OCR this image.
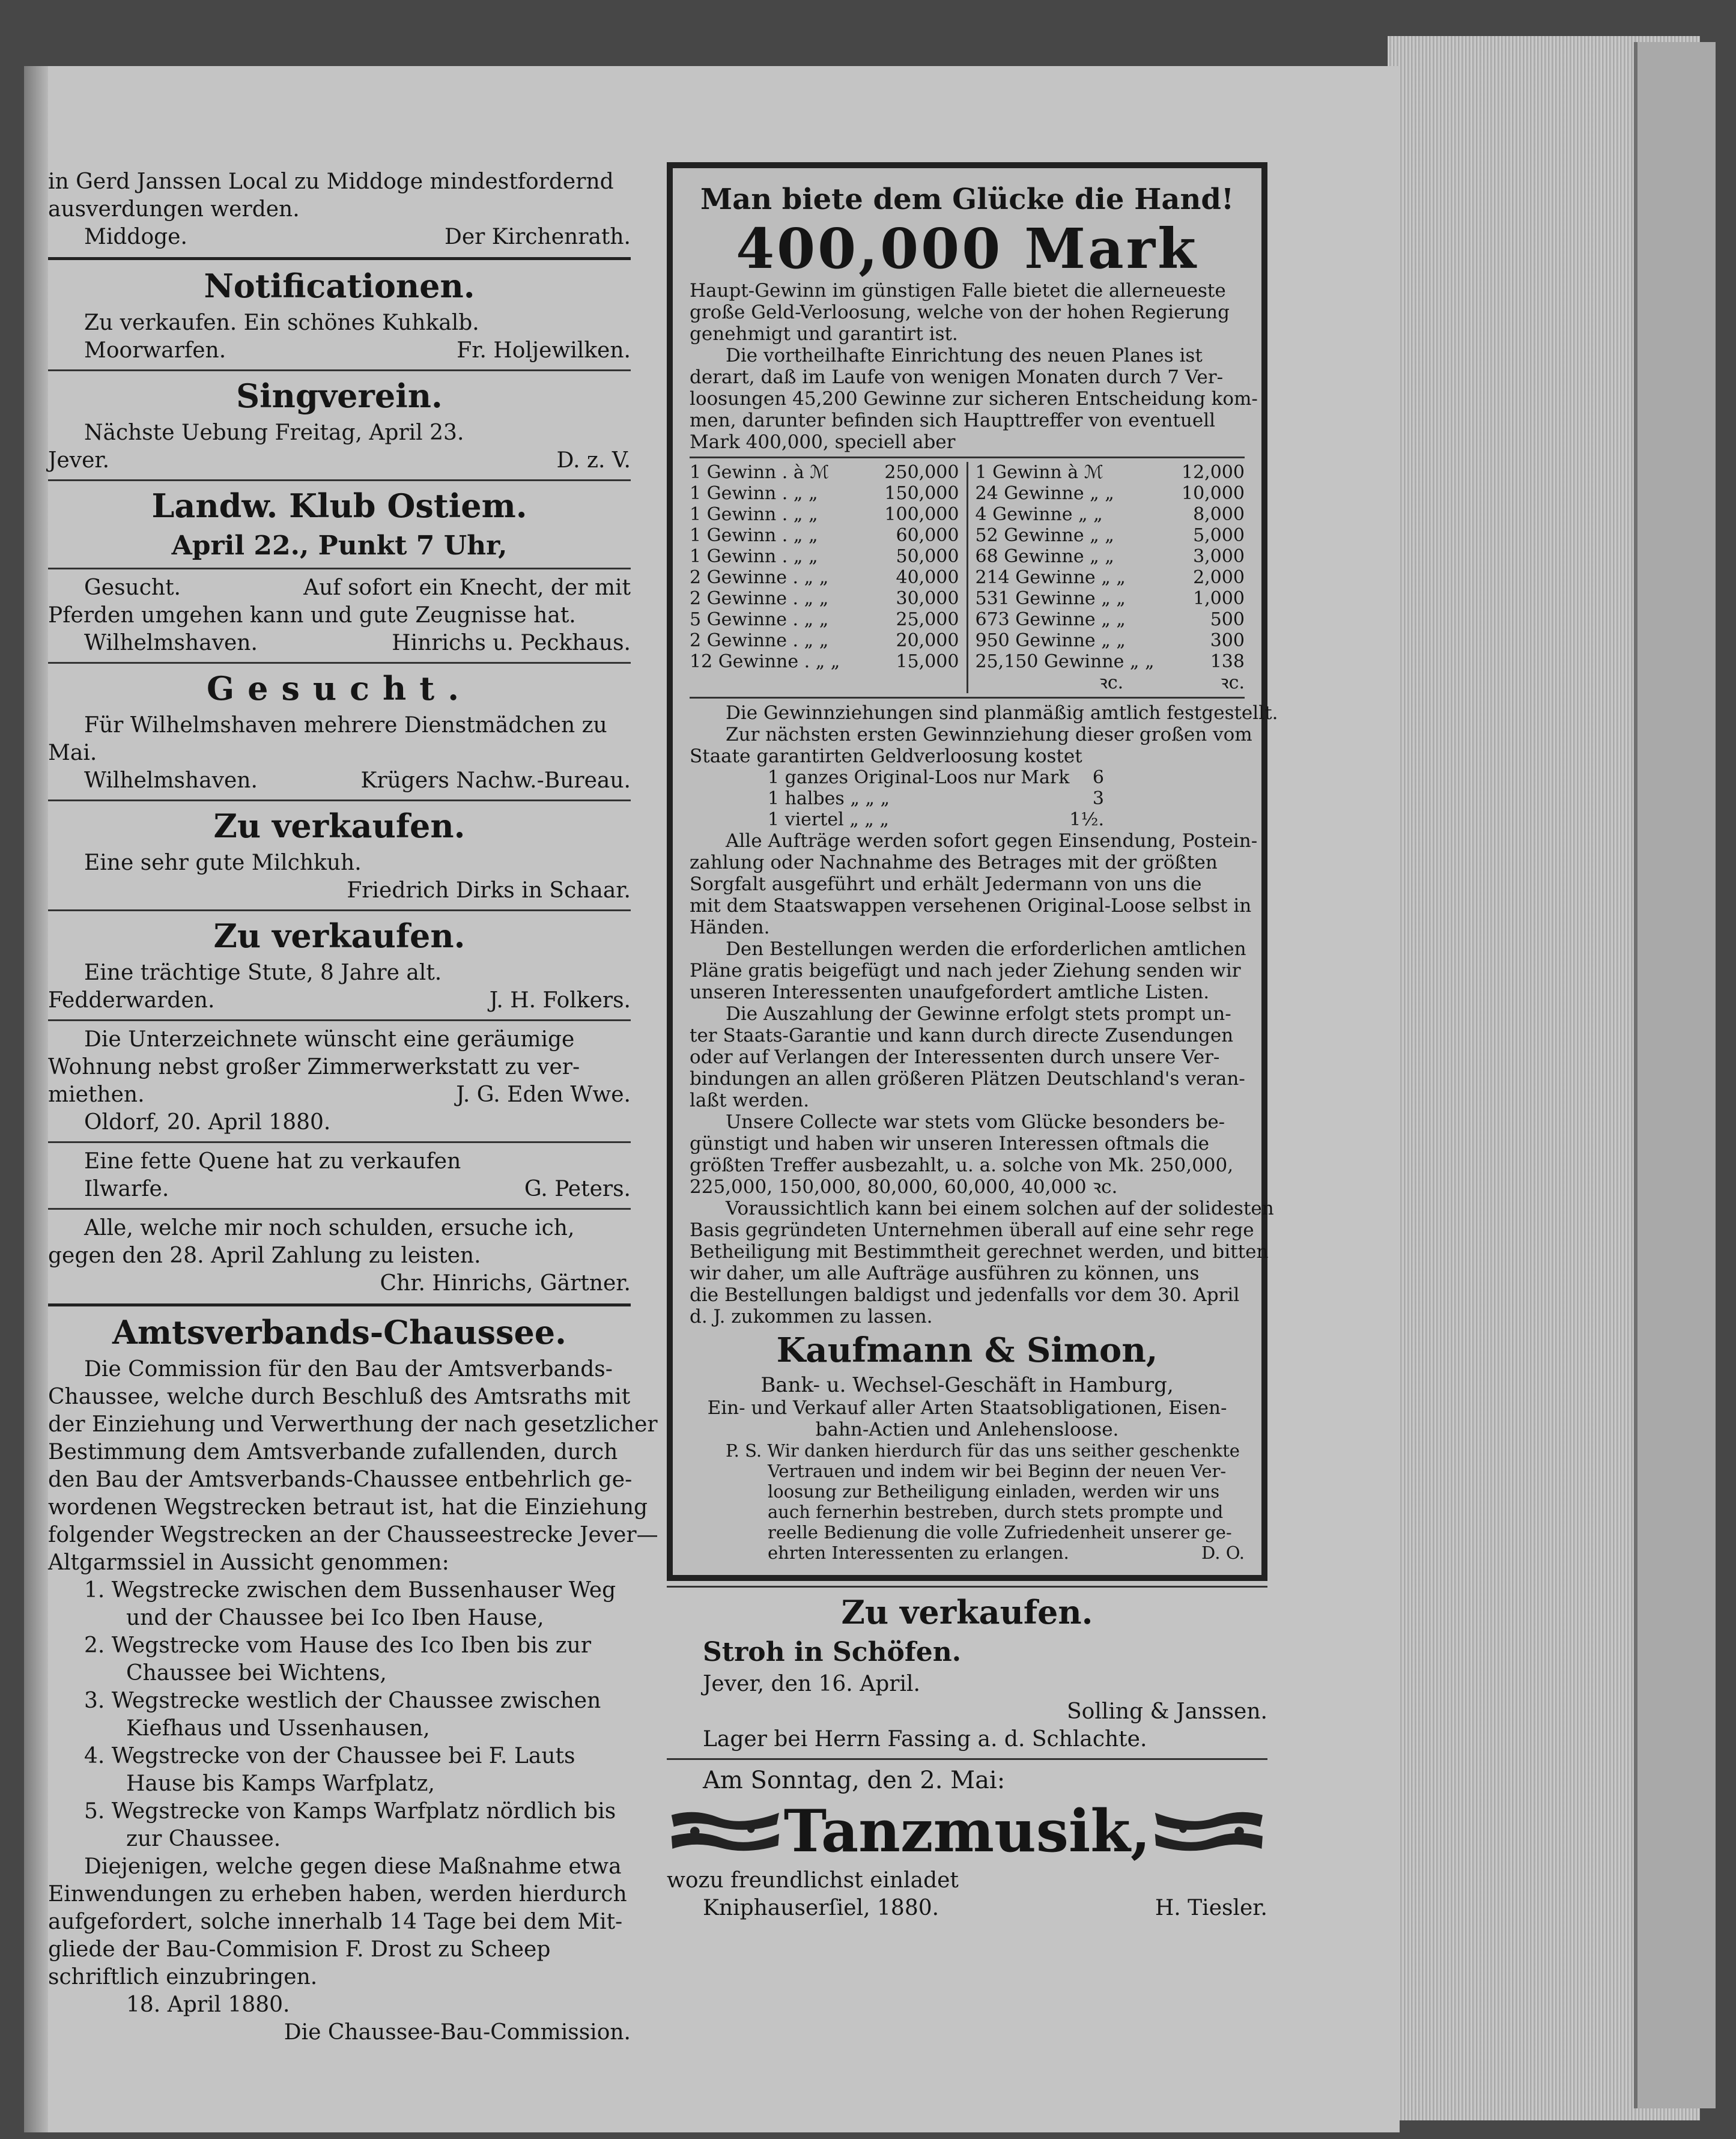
in Gerd Janssen Local zu Middoge mindestfordernd

ausverdungen werden.

Middoge.	Der Kirchenrath.

Notificationen.

Zu verkaufen. Ein schönes Kuhkalb.

Moorwarfen.	Fr. Holjewilken.

Singverein.

Nächste Uebung Freitag, April 23.

Jever.	D. z. V.

Landw. Klub Ostiem.

April 22., Punkt 7 Uhr,

Gesucht.	Auf sofort ein Knecht, der mit

Pferden umgehen kann und gute Zeugnisse hat.

Wilhelmshaven.	Hinrichs u. Peckhaus.

Gesucht.

Für Wilhelmshaven mehrere Dienstmädchen zu

Mai.

Wilhelmshaven.	Krügers Nachw.-Bureau.

Zu verkaufen.

Eine sehr gute Milchkuh.

Friedrich Dirks in Schaar.

Zu verkaufen.

Eine trächtige Stute, 8 Jahre alt.

Fedderwarden.	J. H. Folkers.

Die Unterzeichnete wünscht eine geräumige

Wohnung nebst großer Zimmerwerkstatt zu ver-

miethen.	J. G. Eden Wwe.

Oldorf, 20. April 1880.

Eine fette Quene hat zu verkaufen

Ilwarfe.	G. Peters.

Alle, welche mir noch schulden, ersuche ich,

gegen den 28. April Zahlung zu leisten.

Chr. Hinrichs, Gärtner.

Amtsverbands-Chaussee.

Die Commission für den Bau der Amtsverbands-

Chaussee, welche durch Beschluß des Amtsraths mit

der Einziehung und Verwerthung der nach gesetzlicher

Bestimmung dem Amtsverbande zufallenden, durch

den Bau der Amtsverbands-Chaussee entbehrlich ge-

wordenen Wegstrecken betraut ist, hat die Einziehung

folgender Wegstrecken an der Chausseestrecke Jever—

Altgarmssiel in Aussicht genommen:

1. Wegstrecke zwischen dem Bussenhauser Weg

und der Chaussee bei Ico Iben Hause,

2. Wegstrecke vom Hause des Ico Iben bis zur

Chaussee bei Wichtens,

3. Wegstrecke westlich der Chaussee zwischen

Kiefhaus und Ussenhausen,

4. Wegstrecke von der Chaussee bei F. Lauts

Hause bis Kamps Warfplatz,

5. Wegstrecke von Kamps Warfplatz nördlich bis

zur Chaussee.

Diejenigen, welche gegen diese Maßnahme etwa

Einwendungen zu erheben haben, werden hierdurch

aufgefordert, solche innerhalb 14 Tage bei dem Mit-

gliede der Bau-Commision F. Drost zu Scheep

schriftlich einzubringen.

18. April 1880.

Die Chaussee-Bau-Commission.

Man biete dem Glücke die Hand!

400,000 Mark

Haupt-Gewinn im günstigen Falle bietet die allerneueste

große Geld-Verloosung, welche von der hohen Regierung

genehmigt und garantirt ist.

Die vortheilhafte Einrichtung des neuen Planes ist

derart, daß im Laufe von wenigen Monaten durch 7 Ver-

loosungen 45,200 Gewinne zur sicheren Entscheidung kom-

men, darunter befinden sich Haupttreffer von eventuell

Mark 400,000, speciell aber

1 Gewinn . à ℳ	250,000
1 Gewinn . „ „	150,000
1 Gewinn . „ „	100,000
1 Gewinn . „ „	60,000
1 Gewinn . „ „	50,000
2 Gewinne . „ „	40,000
2 Gewinne . „ „	30,000
5 Gewinne . „ „	25,000
2 Gewinne . „ „	20,000
12 Gewinne . „ „	15,000
1 Gewinn à ℳ	12,000
24 Gewinne „ „	10,000
4 Gewinne „ „	8,000
52 Gewinne „ „	5,000
68 Gewinne „ „	3,000
214 Gewinne „ „	2,000
531 Gewinne „ „	1,000
673 Gewinne „ „	500
950 Gewinne „ „	300
25,150 Gewinne „ „	138
ꝛc.	ꝛc.

Die Gewinnziehungen sind planmäßig amtlich festgestellt.

Zur nächsten ersten Gewinnziehung dieser großen vom

Staate garantirten Geldverloosung kostet

1 ganzes Original-Loos nur Mark	6
1 halbes „ „ „	3
1 viertel „ „ „	1½.

Alle Aufträge werden sofort gegen Einsendung, Postein-

zahlung oder Nachnahme des Betrages mit der größten

Sorgfalt ausgeführt und erhält Jedermann von uns die

mit dem Staatswappen versehenen Original-Loose selbst in

Händen.

Den Bestellungen werden die erforderlichen amtlichen

Pläne gratis beigefügt und nach jeder Ziehung senden wir

unseren Interessenten unaufgefordert amtliche Listen.

Die Auszahlung der Gewinne erfolgt stets prompt un-

ter Staats-Garantie und kann durch directe Zusendungen

oder auf Verlangen der Interessenten durch unsere Ver-

bindungen an allen größeren Plätzen Deutschland's veran-

laßt werden.

Unsere Collecte war stets vom Glücke besonders be-

günstigt und haben wir unseren Interessen oftmals die

größten Treffer ausbezahlt, u. a. solche von Mk. 250,000,

225,000, 150,000, 80,000, 60,000, 40,000 ꝛc.

Voraussichtlich kann bei einem solchen auf der solidesten

Basis gegründeten Unternehmen überall auf eine sehr rege

Betheiligung mit Bestimmtheit gerechnet werden, und bitten

wir daher, um alle Aufträge ausführen zu können, uns

die Bestellungen baldigst und jedenfalls vor dem 30. April

d. J. zukommen zu lassen.

Kaufmann & Simon,

Bank- u. Wechsel-Geschäft in Hamburg,

Ein- und Verkauf aller Arten Staatsobligationen, Eisen-

bahn-Actien und Anlehensloose.

P. S. Wir danken hierdurch für das uns seither geschenkte

Vertrauen und indem wir bei Beginn der neuen Ver-

loosung zur Betheiligung einladen, werden wir uns

auch fernerhin bestreben, durch stets prompte und

reelle Bedienung die volle Zufriedenheit unserer ge-

ehrten Interessenten zu erlangen.	D. O.

Zu verkaufen.

Stroh in Schöfen.

Jever, den 16. April.

Solling & Janssen.

Lager bei Herrn Fassing a. d. Schlachte.

Am Sonntag, den 2. Mai:

Tanzmusik,

wozu freundlichst einladet

Kniphauserſiel, 1880.	H. Tiesler.
